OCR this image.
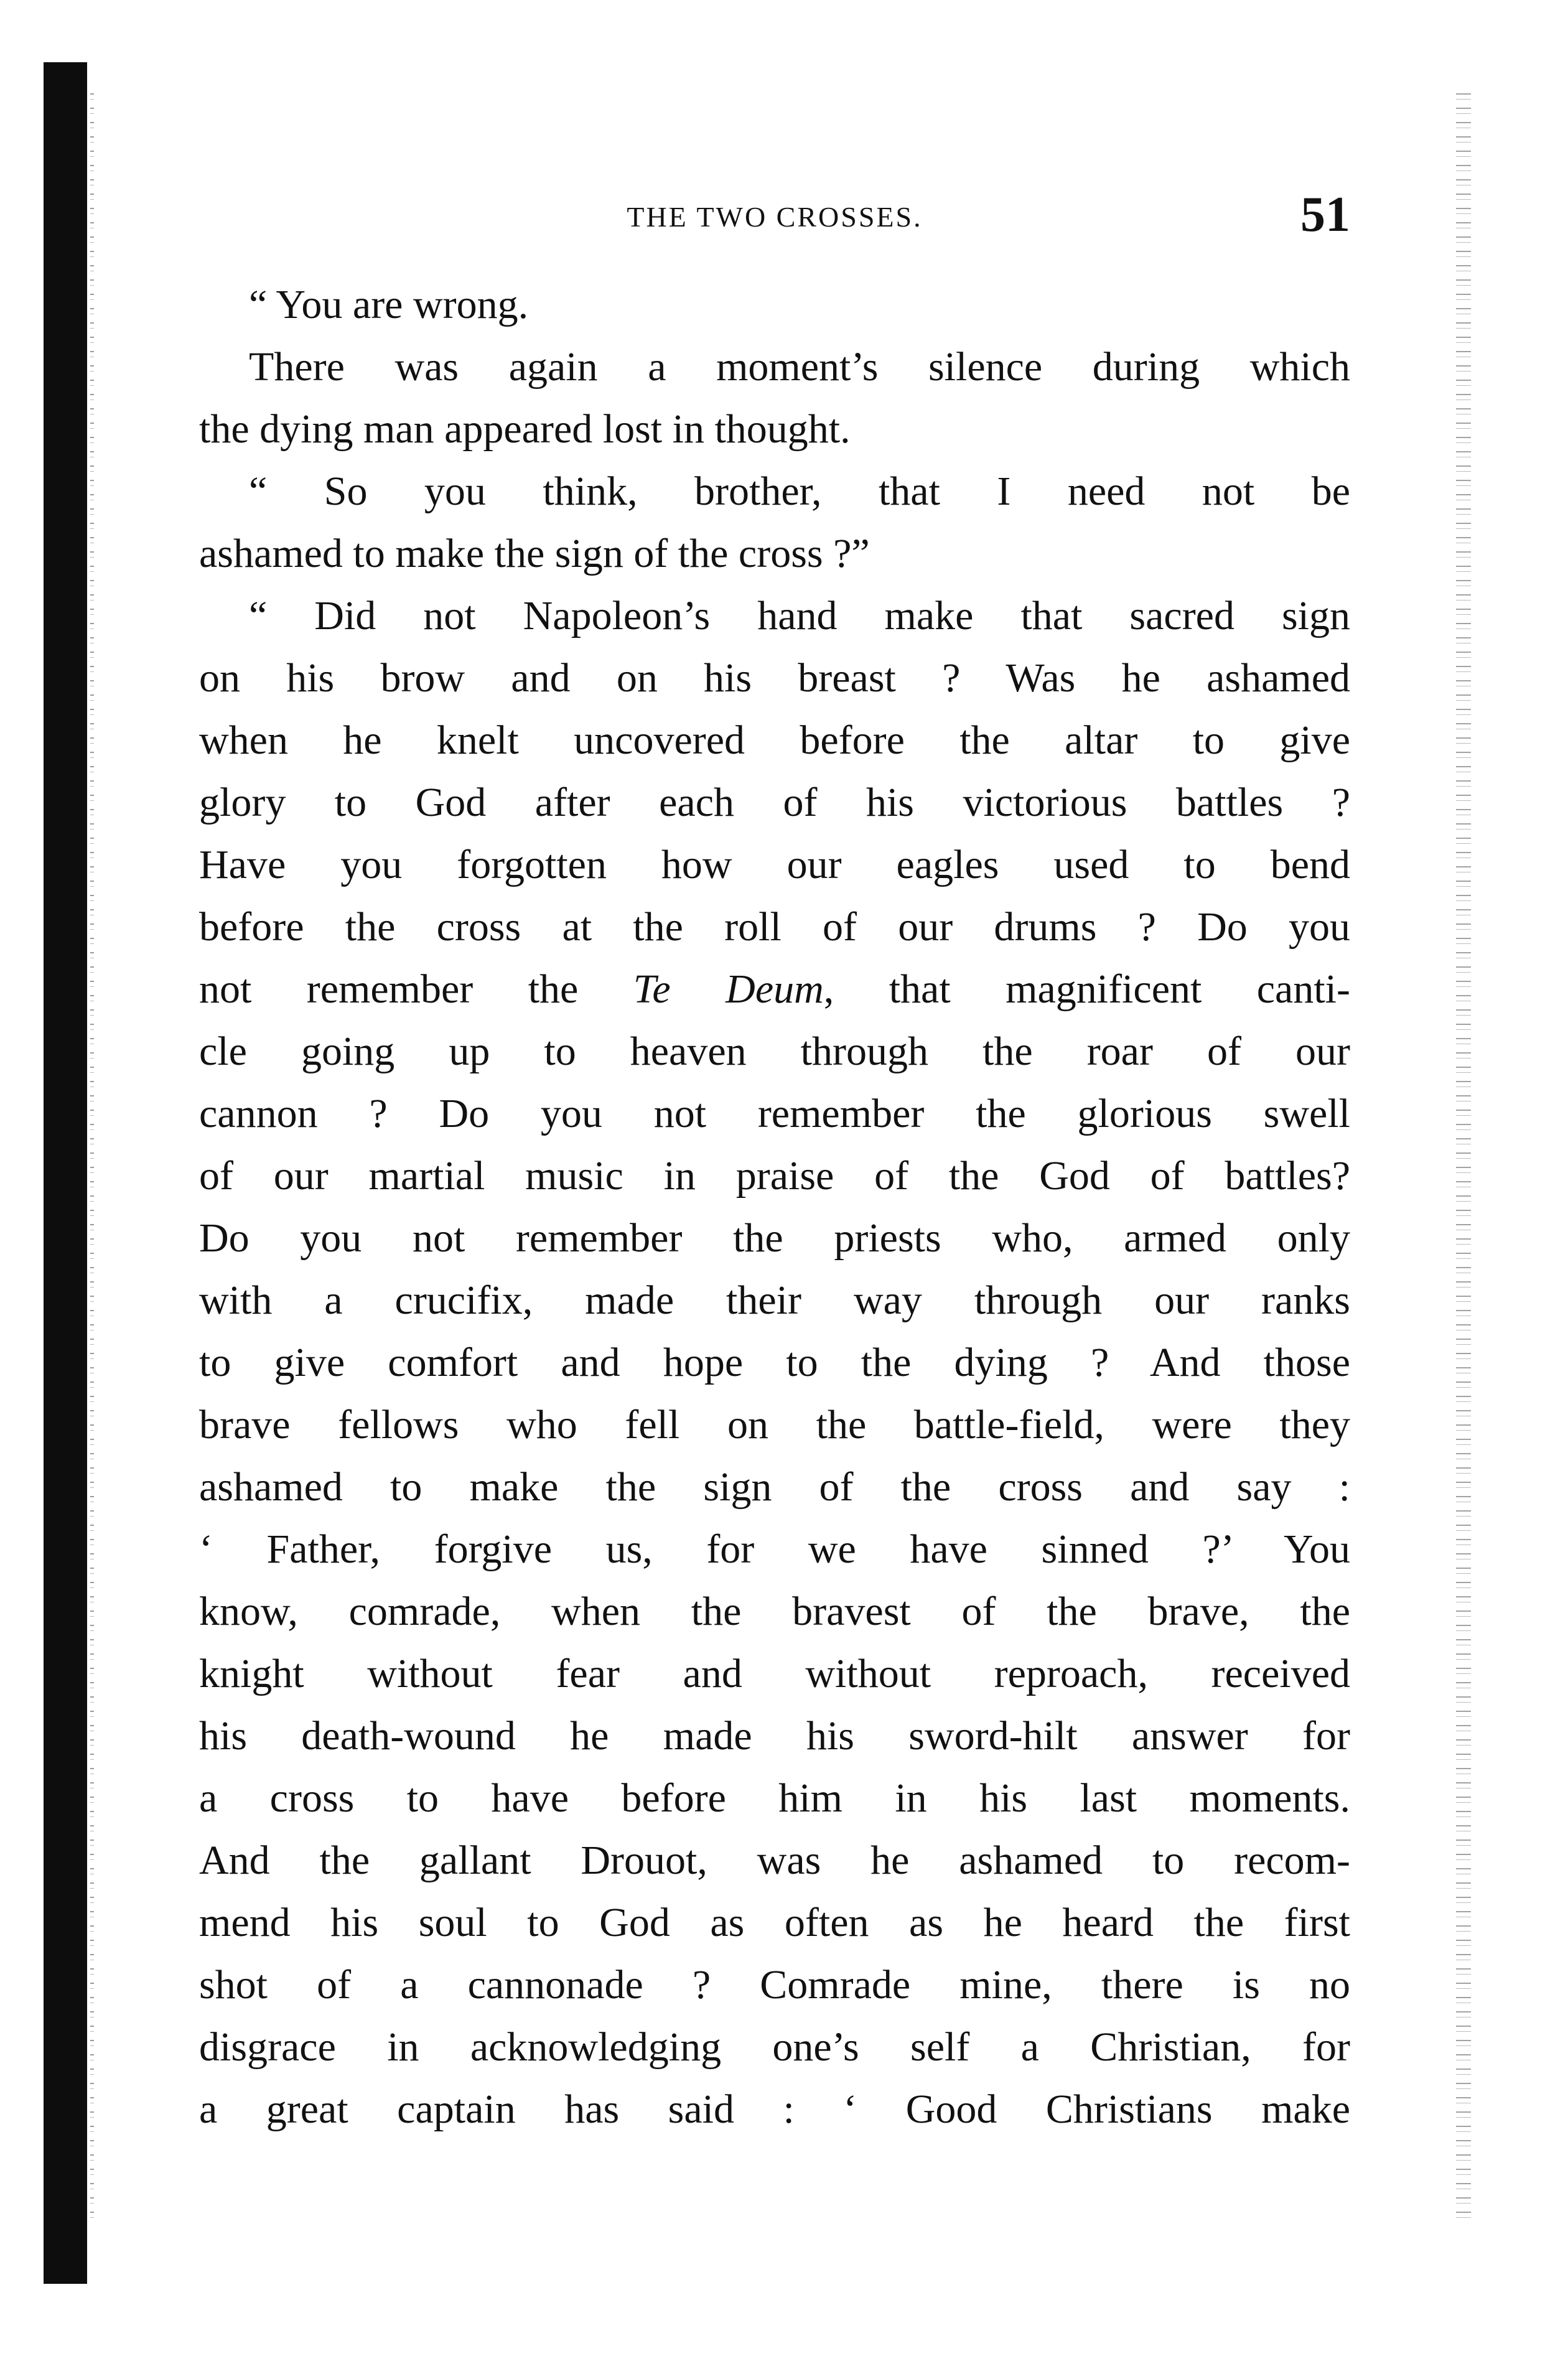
THE TWO CROSSES.	51
“ You are wrong.
There was again a moment’s silence during which
the dying man appeared lost in thought.
“ So you think, brother, that I need not be
ashamed to make the sign of the cross ?”
“ Did not Napoleon’s hand make that sacred sign
on his brow and on his breast ? Was he ashamed
when he knelt uncovered before the altar to give
glory to God after each of his victorious battles ?
Have you forgotten how our eagles used to bend
before the cross at the roll of our drums ? Do you
not remember the Te Deum, that magnificent canti-
cle going up to heaven through the roar of our
cannon ? Do you not remember the glorious swell
of our martial music in praise of the God of battles?
Do you not remember the priests who, armed only
with a crucifix, made their way through our ranks
to give comfort and hope to the dying ? And those
brave fellows who fell on the battle-field, were they
ashamed to make the sign of the cross and say :
‘ Father, forgive us, for we have sinned ?’ You
know, comrade, when the bravest of the brave, the
knight without fear and without reproach, received
his death-wound he made his sword-hilt answer for
a cross to have before him in his last moments.
And the gallant Drouot, was he ashamed to recom-
mend his soul to God as often as he heard the first
shot of a cannonade ? Comrade mine, there is no
disgrace in acknowledging one’s self a Christian, for
a great captain has said : ‘ Good Christians make
